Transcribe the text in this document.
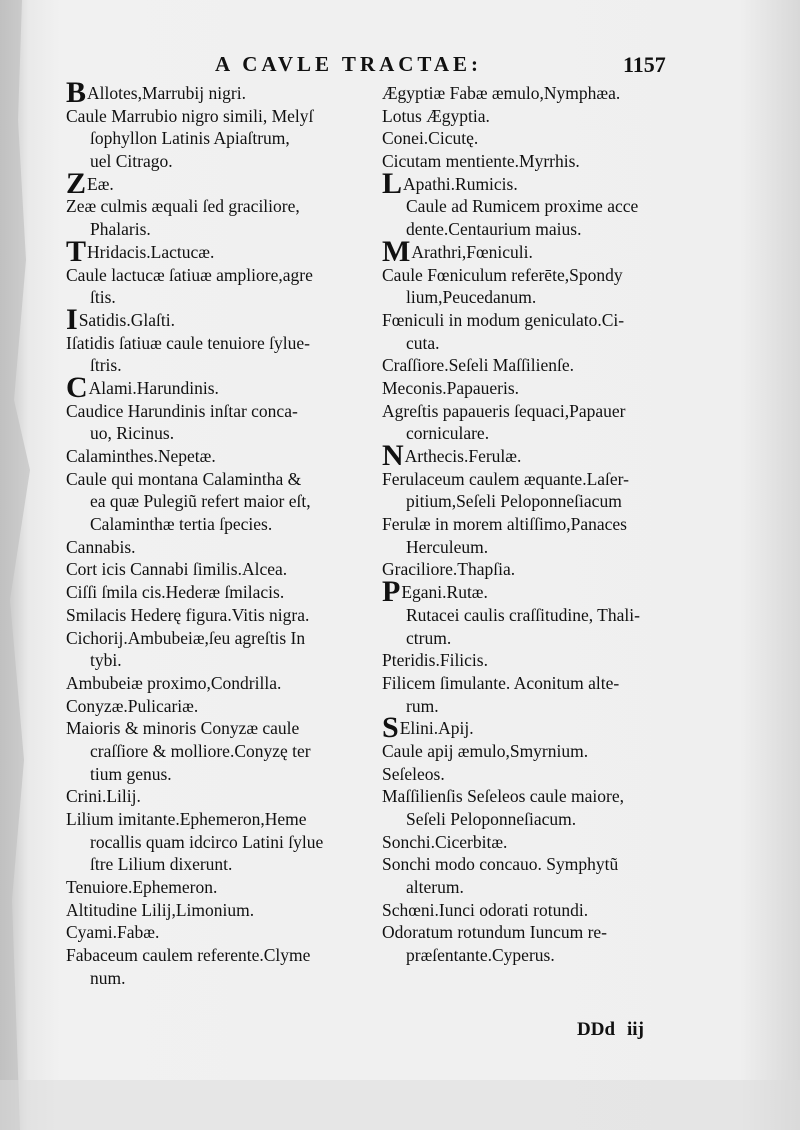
A CAVLE TRACTAE:	1157
BAllotes,Marrubij nigri.
Caule Marrubio nigro simili, Melyſ
ſophyllon Latinis Apiaſtrum,
uel Citrago.
ZEæ.
Zeæ culmis æquali ſed graciliore,
Phalaris.
THridacis.Lactucæ.
Caule lactucæ ſatiuæ ampliore,agre
ſtis.
ISatidis.Glaſti.
Iſatidis ſatiuæ caule tenuiore ſylue-
ſtris.
CAlami.Harundinis.
Caudice Harundinis inſtar conca-
uo, Ricinus.
Calaminthes.Nepetæ.
Caule qui montana Calamintha &
ea quæ Pulegiũ refert maior eſt,
Calaminthæ tertia ſpecies.
Cannabis.
Cort icis Cannabi ſimilis.Alcea.
Ciſſi ſmila cis.Hederæ ſmilacis.
Smilacis Hederę figura.Vitis nigra.
Cichorij.Ambubeiæ,ſeu agreſtis In
tybi.
Ambubeiæ proximo,Condrilla.
Conyzæ.Pulicariæ.
Maioris & minoris Conyzæ caule
craſſiore & molliore.Conyzę ter
tium genus.
Crini.Lilij.
Lilium imitante.Ephemeron,Heme
rocallis quam idcirco Latini ſylue
ſtre Lilium dixerunt.
Tenuiore.Ephemeron.
Altitudine Lilij,Limonium.
Cyami.Fabæ.
Fabaceum caulem referente.Clyme
num.
Ægyptiæ Fabæ æmulo,Nymphæa.
Lotus Ægyptia.
Conei.Cicutę.
Cicutam mentiente.Myrrhis.
LApathi.Rumicis.
Caule ad Rumicem proxime acce
dente.Centaurium maius.
MArathri,Fœniculi.
Caule Fœniculum referēte,Spondy
lium,Peucedanum.
Fœniculi in modum geniculato.Ci-
cuta.
Craſſiore.Seſeli Maſſilienſe.
Meconis.Papaueris.
Agreſtis papaueris ſequaci,Papauer
corniculare.
NArthecis.Ferulæ.
Ferulaceum caulem æquante.Laſer-
pitium,Seſeli Peloponneſiacum
Ferulæ in morem altiſſimo,Panaces
Herculeum.
Graciliore.Thapſia.
PEgani.Rutæ.
Rutacei caulis craſſitudine, Thali-
ctrum.
Pteridis.Filicis.
Filicem ſimulante. Aconitum alte-
rum.
SElini.Apij.
Caule apij æmulo,Smyrnium.
Seſeleos.
Maſſilienſis Seſeleos caule maiore,
Seſeli Peloponneſiacum.
Sonchi.Cicerbitæ.
Sonchi modo concauo. Symphytũ
alterum.
Schœni.Iunci odorati rotundi.
Odoratum rotundum Iuncum re-
præſentante.Cyperus.
DDd iij
